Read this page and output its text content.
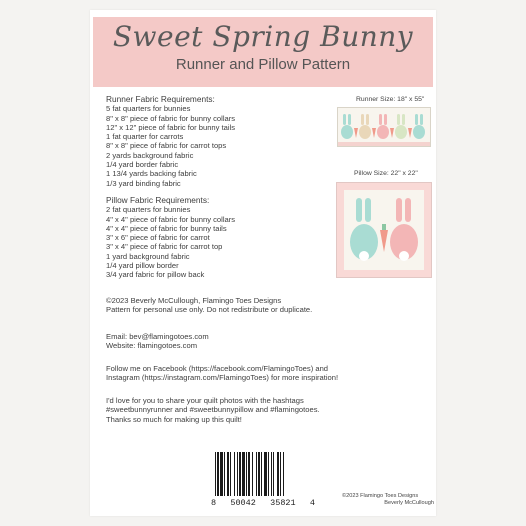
Sweet Spring Bunny
Runner and Pillow Pattern
Runner Fabric Requirements:
5 fat quarters for bunnies
8" x 8" piece of fabric for bunny collars
12" x 12" piece of fabric for bunny tails
1 fat quarter for carrots
8" x 8" piece of fabric for carrot tops
2 yards background fabric
1/4 yard border fabric
1 13/4 yards backing fabric
1/3 yard binding fabric
Pillow Fabric Requirements:
2 fat quarters for bunnies
4" x 4" piece of fabric for bunny collars
4" x 4" piece of fabric for bunny tails
3" x 6" piece of fabric for carrot
3" x 4" piece of fabric for carrot top
1 yard background fabric
1/4 yard pillow border
3/4 yard fabric for pillow back
Runner Size: 18" x 55"
Pillow Size: 22" x 22"
©2023 Beverly McCullough, Flamingo Toes Designs
Pattern for personal use only. Do not redistribute or duplicate.
Email: bev@flamingotoes.com
Website: flamingotoes.com
Follow me on Facebook (https://facebook.com/FlamingoToes) and
Instagram (https://instagram.com/FlamingoToes) for more inspiration!
I'd love for you to share your quilt photos with the hashtags
#sweetbunnyrunner and #sweetbunnypillow and #flamingotoes.
Thanks so much for making up this quilt!
8 50042 35821 4
©2023 Flamingo Toes Designs
Beverly McCullough
